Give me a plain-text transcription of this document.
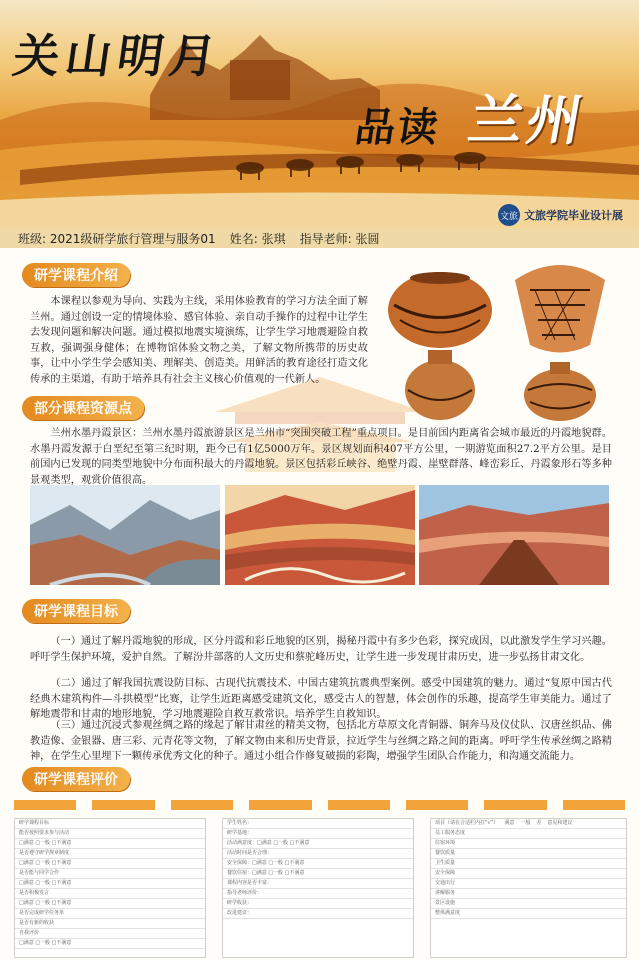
关山明月
品读 兰州
文旅 文旅学院毕业设计展
班级: 2021级研学旅行管理与服务01 姓名: 张琪 指导老师: 张圆
研学课程介绍
本课程以参观为导向、实践为主线，采用体验教育的学习方法全面了解兰州。通过创设一定的情境体验、感官体验、亲自动手操作的过程中让学生去发现问题和解决问题。通过模拟地震实境演练，让学生学习地震避险自救互救，强调强身健体；在博物馆体验文物之美，了解文物所携带的历史故事，让中小学生学会感知美、理解美、创造美。用鲜活的教育途径打造文化传承的主渠道，有助于培养具有社会主义核心价值观的一代新人。
部分课程资源点
兰州水墨丹霞景区：兰州水墨丹霞旅游景区是兰州市“突围突破工程”重点项目。是目前国内距离省会城市最近的丹霞地貌群。水墨丹霞发源于白垩纪至第三纪时期，距今已有1亿5000万年。景区规划面积407平方公里，一期游览面积27.2平方公里。是目前国内已发现的同类型地貌中分布面积最大的丹霞地貌。景区包括彩丘峡谷、绝壁丹霞、崖壁群落、峰峦彩丘、丹霞象形石等多种景观类型，观赏价值很高。
研学课程目标
（一）通过了解丹霞地貌的形成，区分丹霞和彩丘地貌的区别，揭秘丹霞中有多少色彩，探究成因，以此激发学生学习兴趣。呼吁学生保护环境，爱护自然。了解汾井部落的人文历史和蔡驼峰历史，让学生进一步发现甘肃历史，进一步弘扬甘肃文化。
（二）通过了解我国抗震设防目标、古现代抗震技术、中国古建筑抗震典型案例。感受中国建筑的魅力。通过“复原中国古代经典木建筑构件—斗拱模型”比赛，让学生近距离感受建筑文化，感受古人的智慧，体会创作的乐趣，提高学生审美能力。通过了解地震带和甘肃的地形地貌，学习地震避险自救互救常识。培养学生自救知识。
（三）通过沉浸式参观丝绸之路的缘起了解甘肃丝的精美文物，包括北方草原文化青铜器、铜奔马及仪仗队、汉唐丝织品、佛教造像、金银器、唐三彩、元青花等文物，了解文物由来和历史背景，拉近学生与丝绸之路之间的距离。呼吁学生传承丝绸之路精神，在学生心里埋下一颗传承优秀文化的种子。通过小组合作修复破损的彩陶，增强学生团队合作能力，和沟通交流能力。
研学课程评价
研学课程目标
能否按照要求参与活动
□满意 □一般 □不满意
是否遵守研学规章制度
□满意 □一般 □不满意
是否能与同学合作
□满意 □一般 □不满意
是否积极发言
□满意 □一般 □不满意
是否完成研学任务单
是否有新的收获
自我评价
□满意 □一般 □不满意
学生姓名：
研学基地：
活动满意度：□满意 □一般 □不满意
活动时间是否合理：
安全保障：□满意 □一般 □不满意
餐饮住宿：□满意 □一般 □不满意
课程内容是否丰富：
指导老师评价：
研学收获：
改进建议：
项目（请在合适栏内打“√”） 满意 一般 差 意见和建议
员工服务态度
住宿环境
餐饮质量
卫生质量
安全保障
交通出行
讲解服务
景区设施
整体满意度
